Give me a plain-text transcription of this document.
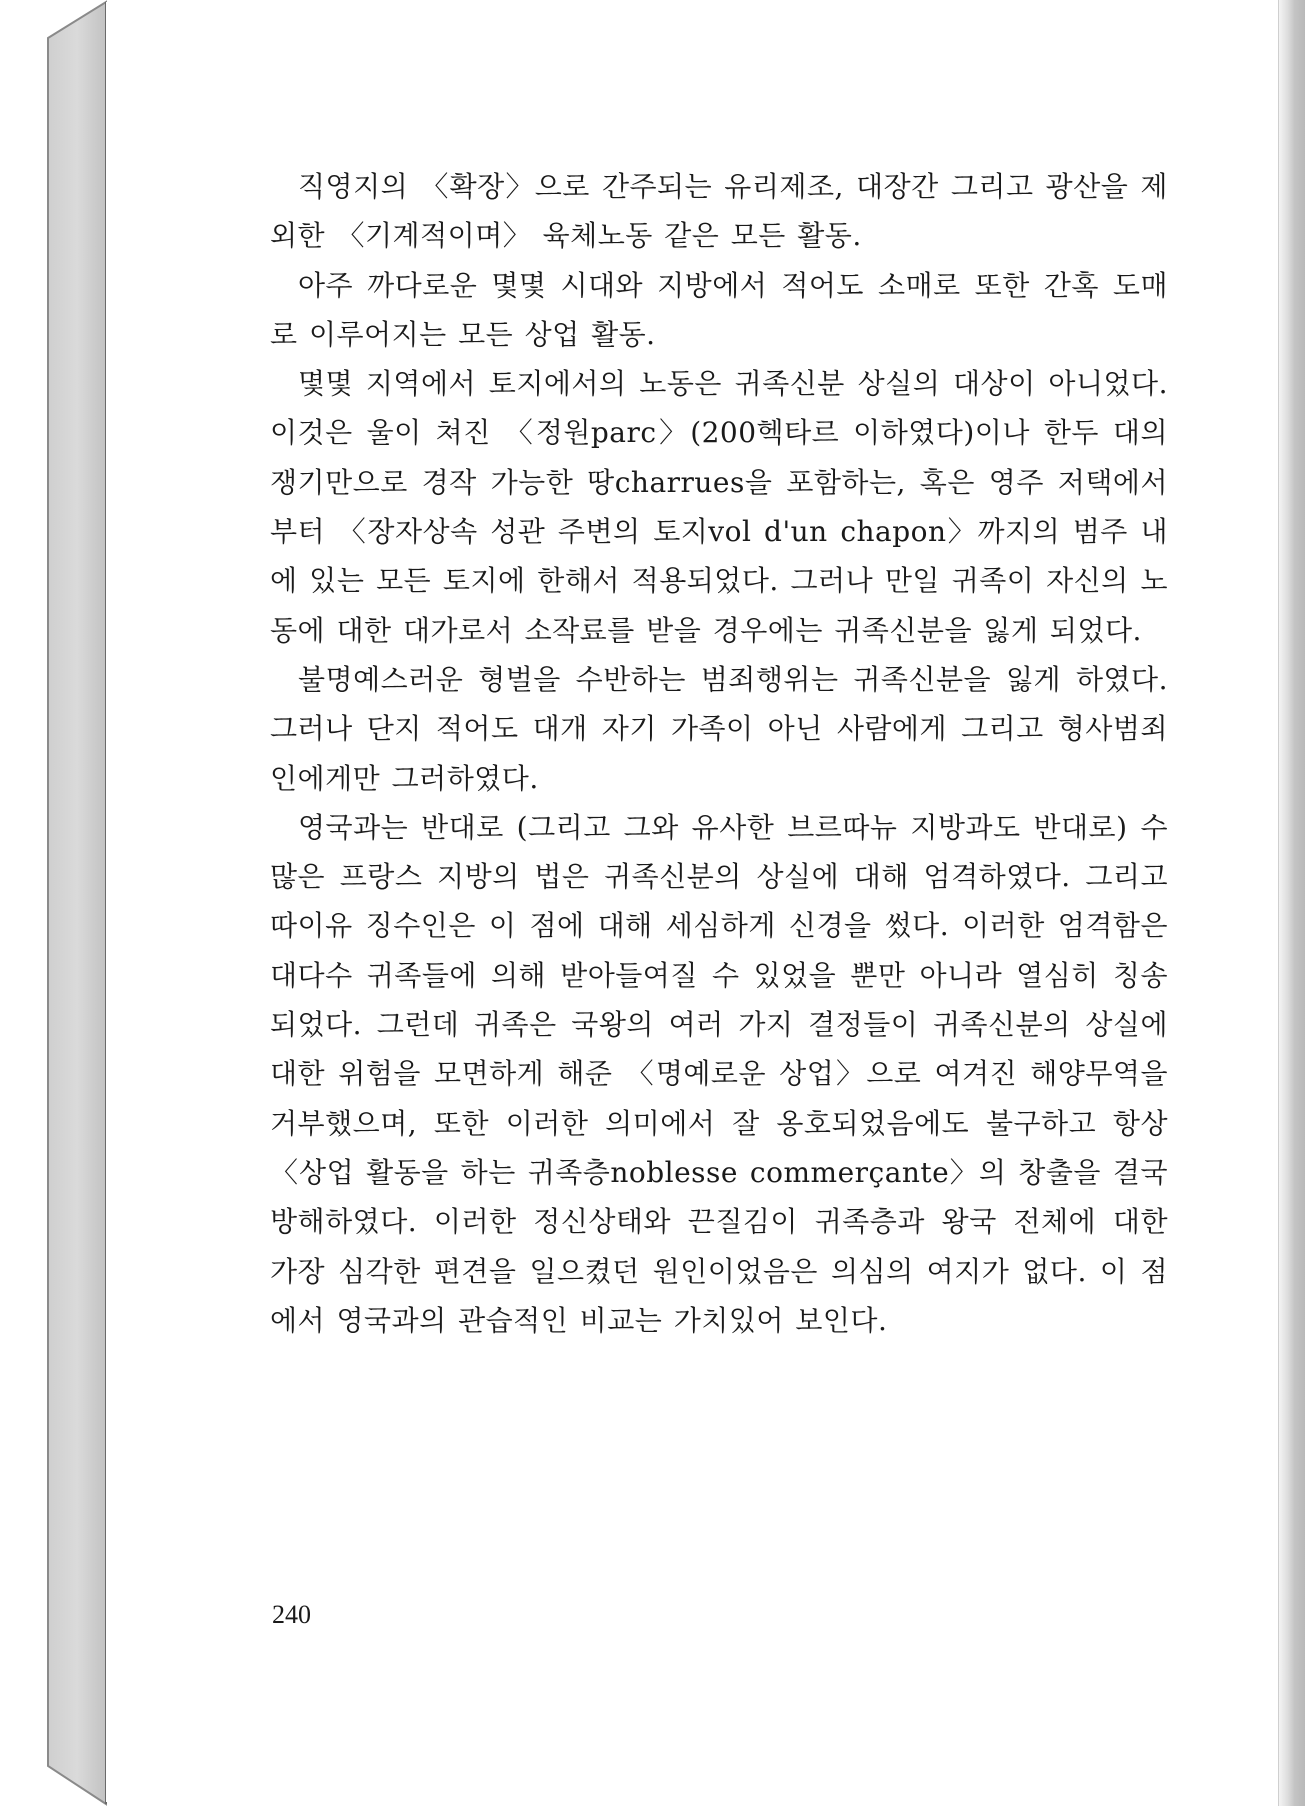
직영지의 〈확장〉으로 간주되는 유리제조, 대장간 그리고 광산을 제외한 〈기계적이며〉 육체노동 같은 모든 활동.

아주 까다로운 몇몇 시대와 지방에서 적어도 소매로 또한 간혹 도매로 이루어지는 모든 상업 활동.

몇몇 지역에서 토지에서의 노동은 귀족신분 상실의 대상이 아니었다. 이것은 울이 쳐진 〈정원parc〉(200헥타르 이하였다)이나 한두 대의 쟁기만으로 경작 가능한 땅charrues을 포함하는, 혹은 영주 저택에서부터 〈장자상속 성관 주변의 토지vol d'un chapon〉까지의 범주 내에 있는 모든 토지에 한해서 적용되었다. 그러나 만일 귀족이 자신의 노동에 대한 대가로서 소작료를 받을 경우에는 귀족신분을 잃게 되었다.

불명예스러운 형벌을 수반하는 범죄행위는 귀족신분을 잃게 하였다. 그러나 단지 적어도 대개 자기 가족이 아닌 사람에게 그리고 형사범죄인에게만 그러하였다.

영국과는 반대로 (그리고 그와 유사한 브르따뉴 지방과도 반대로) 수많은 프랑스 지방의 법은 귀족신분의 상실에 대해 엄격하였다. 그리고 따이유 징수인은 이 점에 대해 세심하게 신경을 썼다. 이러한 엄격함은 대다수 귀족들에 의해 받아들여질 수 있었을 뿐만 아니라 열심히 칭송되었다. 그런데 귀족은 국왕의 여러 가지 결정들이 귀족신분의 상실에 대한 위험을 모면하게 해준 〈명예로운 상업〉으로 여겨진 해양무역을 거부했으며, 또한 이러한 의미에서 잘 옹호되었음에도 불구하고 항상 〈상업 활동을 하는 귀족층noblesse commerçante〉의 창출을 결국 방해하였다. 이러한 정신상태와 끈질김이 귀족층과 왕국 전체에 대한 가장 심각한 편견을 일으켰던 원인이었음은 의심의 여지가 없다. 이 점에서 영국과의 관습적인 비교는 가치있어 보인다.

240
